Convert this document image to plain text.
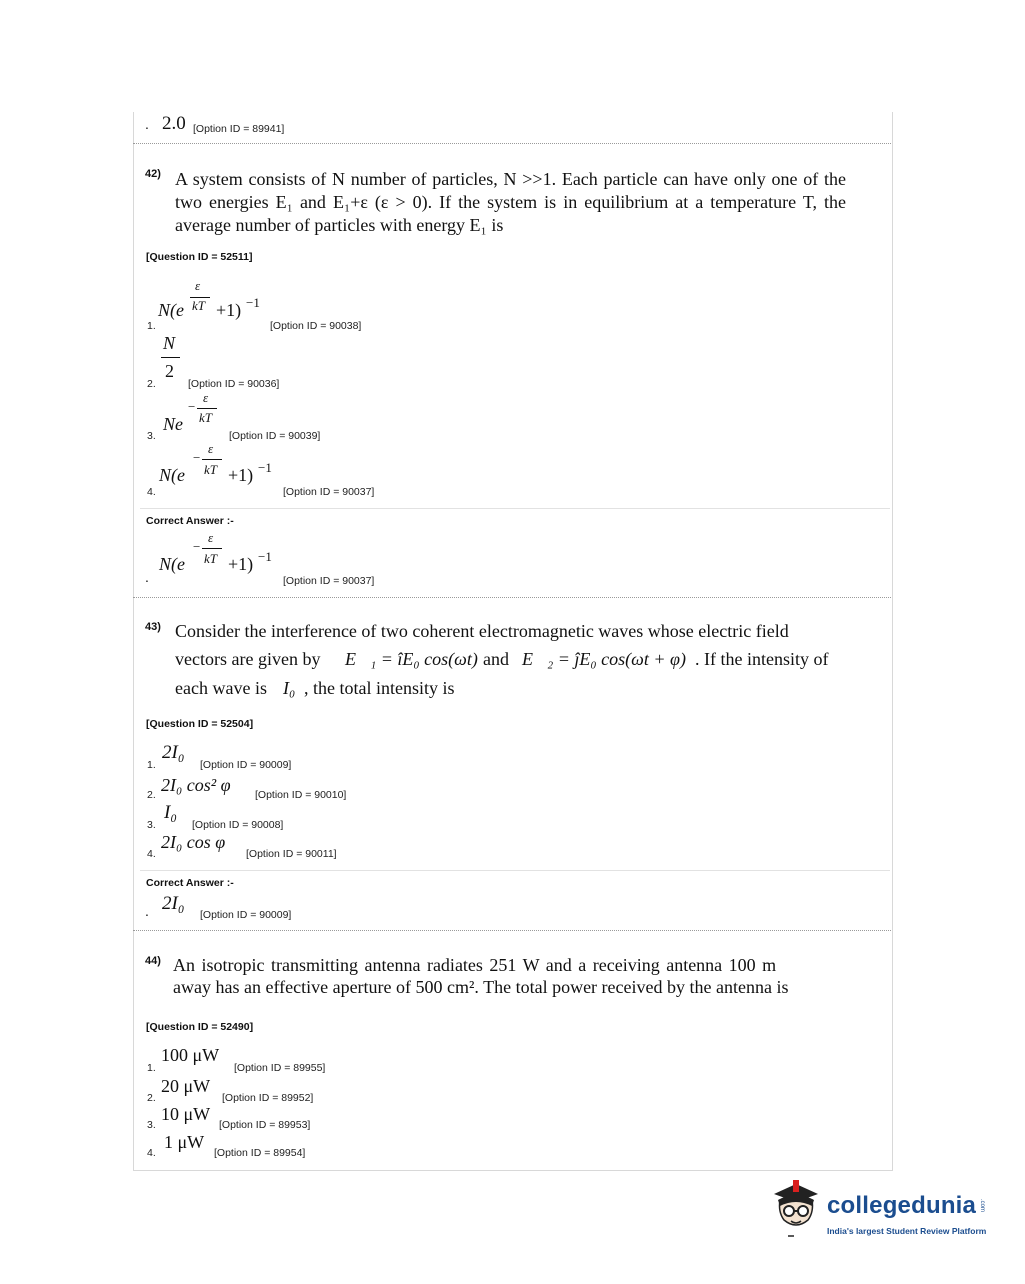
. 2.0 [Option ID = 89941]
42) A system consists of N number of particles, N >>1. Each particle can have only one of the two energies E₁ and E₁+ε (ε > 0). If the system is in equilibrium at a temperature T, the average number of particles with energy E₁ is
[Question ID = 52511]
ε
N(e kT +1) −1
1.	[Option ID = 90038]
N
2
2.	[Option ID = 90036]
ε
−
Ne kT
3.	[Option ID = 90039]
ε
−
N(e kT +1) −1
4.	[Option ID = 90037]
Correct Answer :-
ε
−
N(e kT +1) −1
.	[Option ID = 90037]
43) Consider the interference of two coherent electromagnetic waves whose electric field
vectors are given by E⃗₁ = îE₀ cos(ωt) and E⃗₂ = ĵE₀ cos(ωt + φ) . If the intensity of
each wave is I₀ , the total intensity is
[Question ID = 52504]
2I₀
1.	[Option ID = 90009]
2I₀ cos² φ
2.	[Option ID = 90010]
I₀
3.	[Option ID = 90008]
2I₀ cos φ
4.	[Option ID = 90011]
Correct Answer :-
. 2I₀
[Option ID = 90009]
44) An isotropic transmitting antenna radiates 251 W and a receiving antenna 100 m
away has an effective aperture of 500 cm². The total power received by the antenna is
[Question ID = 52490]
100 μW
1.	[Option ID = 89955]
20 μW
2.	[Option ID = 89952]
10 μW
3.	[Option ID = 89953]
1 μW
4.	[Option ID = 89954]
collegedunia .com
India's largest Student Review Platform
